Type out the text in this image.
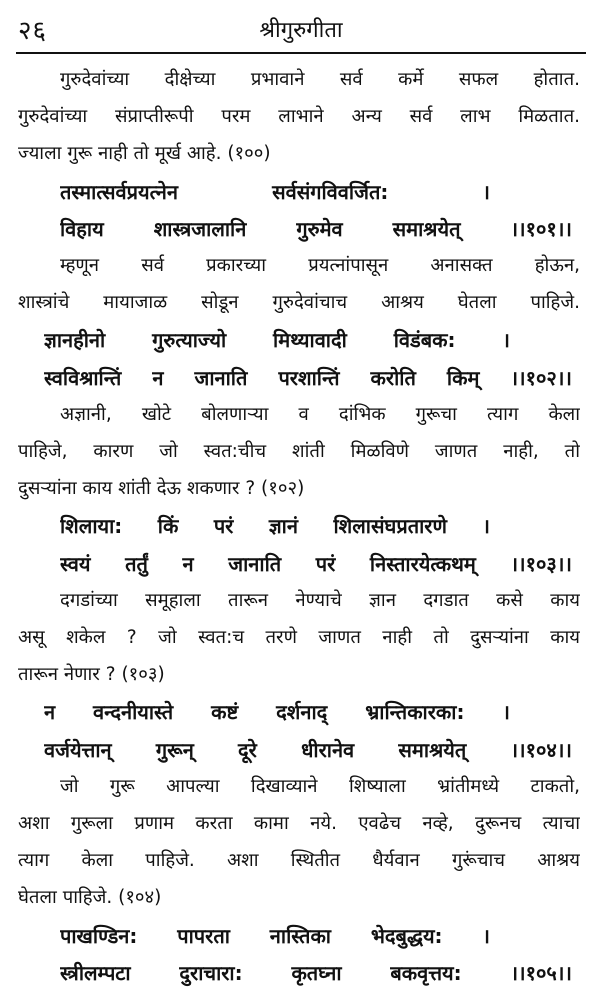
२६	श्रीगुरुगीता
गुरुदेवांच्या दीक्षेच्या प्रभावाने सर्व कर्मे सफल होतात.
गुरुदेवांच्या संप्राप्तीरूपी परम लाभाने अन्य सर्व लाभ मिळतात.
ज्याला गुरू नाही तो मूर्ख आहे. (१००)
तस्मात्सर्वप्रयत्नेन सर्वसंगविवर्जित: ।
विहाय शास्त्रजालानि गुरुमेव समाश्रयेत् ।।१०१।।
म्हणून सर्व प्रकारच्या प्रयत्नांपासून अनासक्त होऊन,
शास्त्रांचे मायाजाळ सोडून गुरुदेवांचाच आश्रय घेतला पाहिजे.
ज्ञानहीनो गुरुत्याज्यो मिथ्यावादी विडंबक: ।
स्वविश्रान्तिं न जानाति परशान्तिं करोति किम् ।।१०२।।
अज्ञानी, खोटे बोलणाऱ्या व दांभिक गुरूचा त्याग केला
पाहिजे, कारण जो स्वत:चीच शांती मिळविणे जाणत नाही, तो
दुसऱ्यांना काय शांती देऊ शकणार ? (१०२)
शिलाया: किं परं ज्ञानं शिलासंघप्रतारणे ।
स्वयं तर्तुं न जानाति परं निस्तारयेत्कथम् ।।१०३।।
दगडांच्या समूहाला तारून नेण्याचे ज्ञान दगडात कसे काय
असू शकेल ? जो स्वत:च तरणे जाणत नाही तो दुसऱ्यांना काय
तारून नेणार ? (१०३)
न वन्दनीयास्ते कष्टं दर्शनाद् भ्रान्तिकारका: ।
वर्जयेत्तान् गुरून् दूरे धीरानेव समाश्रयेत् ।।१०४।।
जो गुरू आपल्या दिखाव्याने शिष्याला भ्रांतीमध्ये टाकतो,
अशा गुरूला प्रणाम करता कामा नये. एवढेच नव्हे, दुरूनच त्याचा
त्याग केला पाहिजे. अशा स्थितीत धैर्यवान गुरूंचाच आश्रय
घेतला पाहिजे. (१०४)
पाखण्डिन: पापरता नास्तिका भेदबुद्धय: ।
स्त्रीलम्पटा दुराचारा: कृतघ्ना बकवृत्तय: ।।१०५।।
